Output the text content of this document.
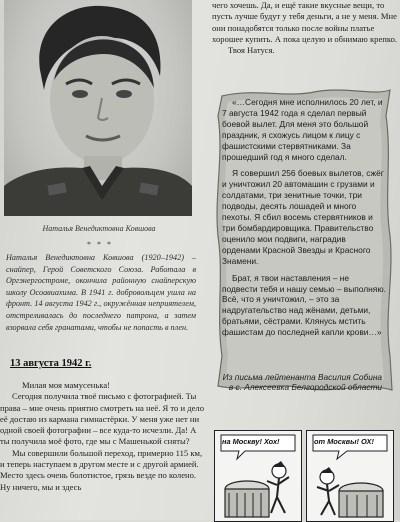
Наталья Венедиктовна Ковшова
* * *
Наталья Венедиктовна Ковшова (1920–1942) – снайпер, Герой Советского Союза. Работала в Оргэнергостроме, окончила районную снайперскую школу Осоавиахима. В 1941 г. добровольцем ушла на фронт. 14 августа 1942 г., окружённая неприятелем, отстреливалась до последнего патрона, а затем взорвала себя гранатами, чтобы не попасть в плен.
13 августа 1942 г.

Милая моя мамусенька!

Сегодня получила твоё письмо с фотографией. Ты права – мне очень приятно смотреть на неё. Я то и дело её достаю из кармана гимнастёрки. У меня уже нет ни одной своей фотографии – все куда-то исчезли. Да! А ты получила моё фото, где мы с Машенькой сняты?

Мы совершили большой переход, примерно 115 км, и теперь наступаем в другом месте и с другой армией. Место здесь очень болотистое, грязь везде по колено. Ну ничего, мы и здесь

чего хочешь. Да, и ещё такие вкусные вещи, то пусть лучше будут у тебя деньги, а не у меня. Мне они понадобятся только после войны платье хорошее купить. А пока целую и обнимаю крепко.
Твоя Натуся.

«…Сегодня мне исполнилось 20 лет, и 7 августа 1942 года я сделал первый боевой вылет. Для меня это большой праздник, я схожусь лицом к лицу с фашистскими стервятниками. За прошедший год я много сделал.

Я совершил 256 боевых вылетов, сжёг и уничтожил 20 автомашин с грузами и солдатами, три зенитные точки, три подводы, десять лошадей и много пехоты. Я сбил восемь стервятников и три бомбардировщика. Правительство оценило мои подвиги, наградив орденами Красной Звезды и Красного Знамени.

Брат, я твои наставления – не подвести тебя и нашу семью – выполняю. Всё, что я уничтожил, – это за надругательство над жёнами, детьми, братьями, сёстрами. Клянусь мстить фашистам до последней капли крови…»

Из письма лейтенанта Василия Собина в с. Алексеевка Белгородской области
на Москву! Хох!	от Москвы! ОХ!
